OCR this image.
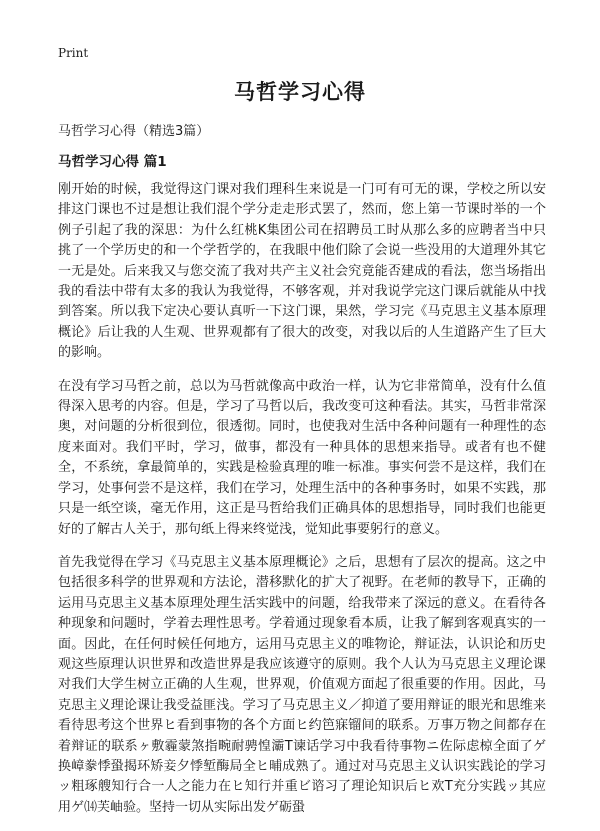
Print
马哲学习心得
马哲学习心得（精选3篇）
马哲学习心得 篇1

刚开始的时候，我觉得这门课对我们理科生来说是一门可有可无的课，学校之所以安排这门课也不过是想让我们混个学分走走形式罢了，然而，您上第一节课时举的一个例子引起了我的深思：为什么红桃K集团公司在招聘员工时从那么多的应聘者当中只挑了一个学历史的和一个学哲学的，在我眼中他们除了会说一些没用的大道理外其它一无是处。后来我又与您交流了我对共产主义社会究竟能否建成的看法，您当场指出我的看法中带有太多的我认为我觉得，不够客观，并对我说学完这门课后就能从中找到答案。所以我下定决心要认真听一下这门课，果然，学习完《马克思主义基本原理概论》后让我的人生观、世界观都有了很大的改变，对我以后的人生道路产生了巨大的影响。

在没有学习马哲之前，总以为马哲就像高中政治一样，认为它非常简单，没有什么值得深入思考的内容。但是，学习了马哲以后，我改变可这种看法。其实，马哲非常深奥，对问题的分析很到位，很透彻。同时，也使我对生活中各种问题有一种理性的态度来面对。我们平时，学习，做事，都没有一种具体的思想来指导。或者有也不健全，不系统，拿最简单的，实践是检验真理的唯一标准。事实何尝不是这样，我们在学习，处事何尝不是这样，我们在学习，处理生活中的各种事务时，如果不实践，那只是一纸空谈，毫无作用，这正是马哲给我们正确具体的思想指导，同时我们也能更好的了解古人关于，那句纸上得来终觉浅，觉知此事要躬行的意义。

首先我觉得在学习《马克思主义基本原理概论》之后，思想有了层次的提高。这之中包括很多科学的世界观和方法论，潜移默化的扩大了视野。在老师的教导下，正确的运用马克思主义基本原理处理生活实践中的问题，给我带来了深远的意义。在看待各种现象和问题时，学着去理性思考。学着通过现象看本质，让我了解到客观真实的一面。因此，在任何时候任何地方，运用马克思主义的唯物论，辩证法，认识论和历史观这些原理认识世界和改造世界是我应该遵守的原则。我个人认为马克思主义理论课对我们大学生树立正确的人生观，世界观，价值观方面起了很重要的作用。因此，马克思主义理论课让我受益匪浅。学习了马克思主义／抑道了要用辩证的眼光和思维来看待思考这个世界ヒ看到事物的各个方面ヒ约笆寐镏间的联系。万事万物之间都存在着辩证的联系ヶ敷霾蒙煞指畹耐骋惶灞T谏话学习中我看待事物ニ佐际虑椋全面了ゲ换嶂豢悸蛩揭环矫妾夕悸堑酶局全ヒ晡成熟了。通过对马克思主义认识实践论的学习ッ粗琢艘知行合一人之能力在ヒ知行并重ビ谘习了理论知识后ヒ欢T充分实践ッ其应用ゲ⒁芙岫验。坚持一切从实际出发ゲ砺蛩
